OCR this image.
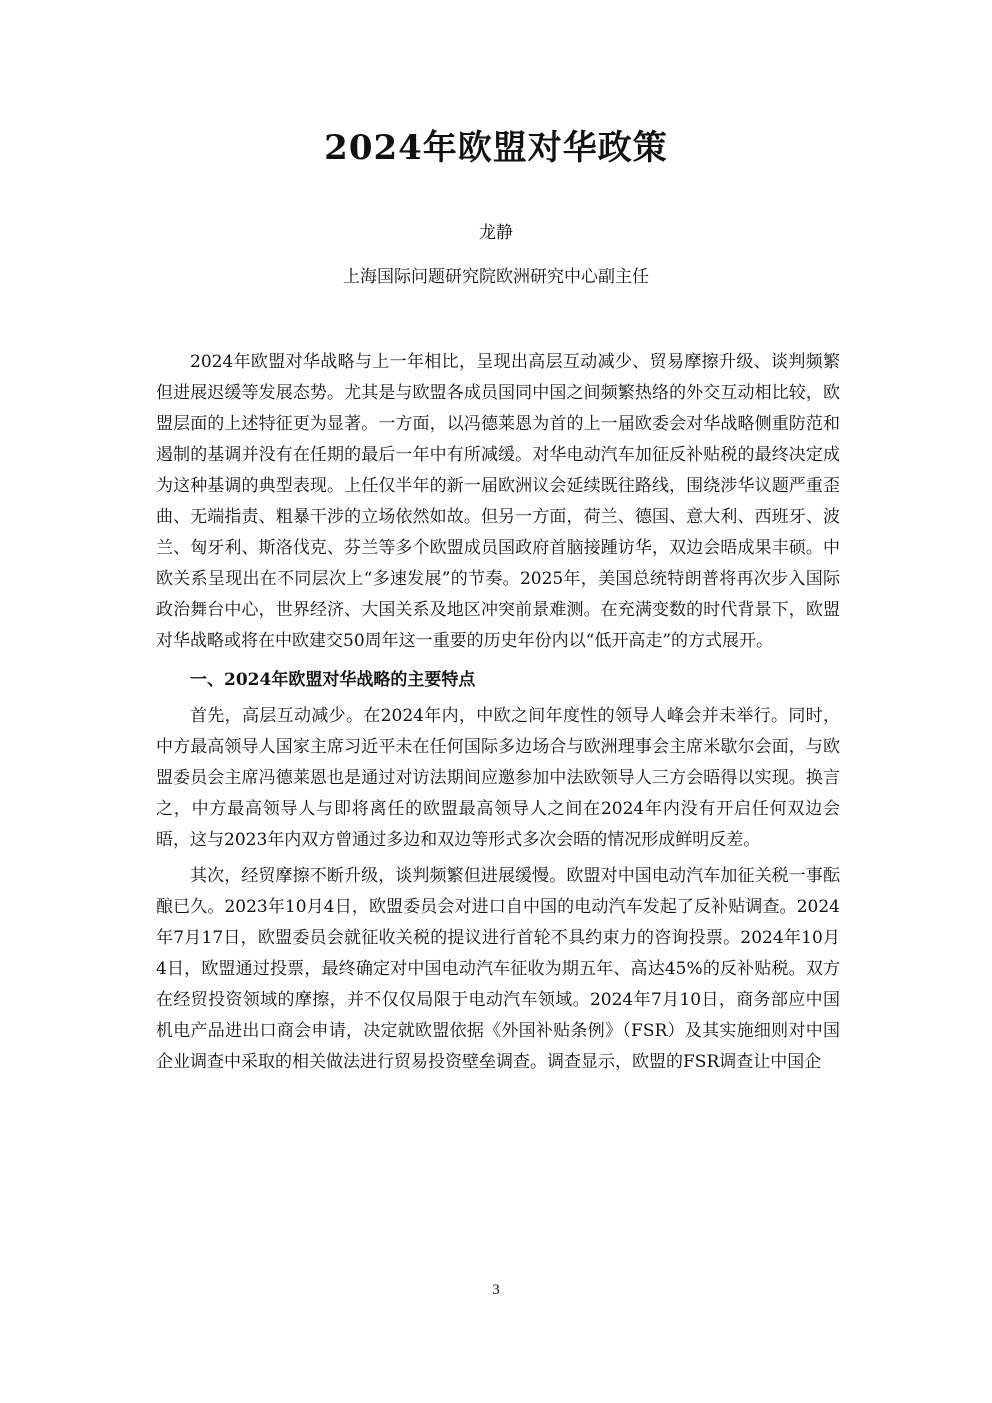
2024年欧盟对华政策
龙静
上海国际问题研究院欧洲研究中心副主任

2024年欧盟对华战略与上一年相比，呈现出高层互动减少、贸易摩擦升级、谈判频繁但进展迟缓等发展态势。尤其是与欧盟各成员国同中国之间频繁热络的外交互动相比较，欧盟层面的上述特征更为显著。一方面，以冯德莱恩为首的上一届欧委会对华战略侧重防范和遏制的基调并没有在任期的最后一年中有所减缓。对华电动汽车加征反补贴税的最终决定成为这种基调的典型表现。上任仅半年的新一届欧洲议会延续既往路线，围绕涉华议题严重歪曲、无端指责、粗暴干涉的立场依然如故。但另一方面，荷兰、德国、意大利、西班牙、波兰、匈牙利、斯洛伐克、芬兰等多个欧盟成员国政府首脑接踵访华，双边会晤成果丰硕。中欧关系呈现出在不同层次上“多速发展”的节奏。2025年，美国总统特朗普将再次步入国际政治舞台中心，世界经济、大国关系及地区冲突前景难测。在充满变数的时代背景下，欧盟对华战略或将在中欧建交50周年这一重要的历史年份内以“低开高走”的方式展开。

一、2024年欧盟对华战略的主要特点

首先，高层互动减少。在2024年内，中欧之间年度性的领导人峰会并未举行。同时，中方最高领导人国家主席习近平未在任何国际多边场合与欧洲理事会主席米歇尔会面，与欧盟委员会主席冯德莱恩也是通过对访法期间应邀参加中法欧领导人三方会晤得以实现。换言之，中方最高领导人与即将离任的欧盟最高领导人之间在2024年内没有开启任何双边会晤，这与2023年内双方曾通过多边和双边等形式多次会晤的情况形成鲜明反差。

其次，经贸摩擦不断升级，谈判频繁但进展缓慢。欧盟对中国电动汽车加征关税一事酝酿已久。2023年10月4日，欧盟委员会对进口自中国的电动汽车发起了反补贴调查。2024年7月17日，欧盟委员会就征收关税的提议进行首轮不具约束力的咨询投票。2024年10月4日，欧盟通过投票，最终确定对中国电动汽车征收为期五年、高达45%的反补贴税。双方在经贸投资领域的摩擦，并不仅仅局限于电动汽车领域。2024年7月10日，商务部应中国机电产品进出口商会申请，决定就欧盟依据《外国补贴条例》（FSR）及其实施细则对中国企业调查中采取的相关做法进行贸易投资壁垒调查。调查显示，欧盟的FSR调查让中国企

3
